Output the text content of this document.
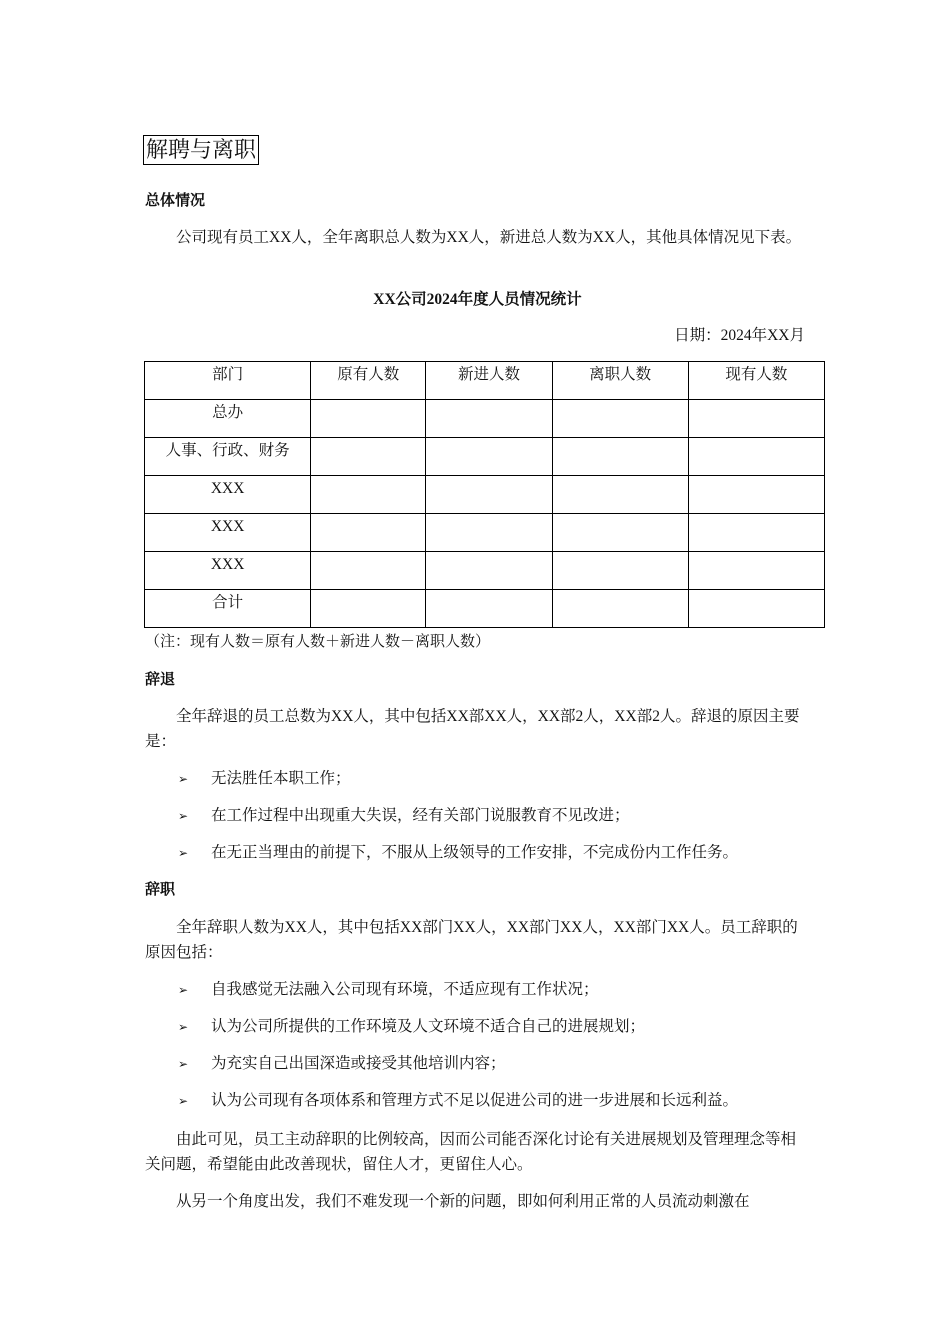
解聘与离职
总体情况
公司现有员工XX人，全年离职总人数为XX人，新进总人数为XX人，其他具体情况见下表。
XX公司2024年度人员情况统计
日期：2024年XX月
部门	原有人数	新进人数	离职人数	现有人数
总办				
人事、行政、财务				
XXX				
XXX				
XXX				
合计				
（注：现有人数＝原有人数＋新进人数－离职人数）
辞退
全年辞退的员工总数为XX人，其中包括XX部XX人，XX部2人，XX部2人。辞退的原因主要是：
➢ 无法胜任本职工作；
➢ 在工作过程中出现重大失误，经有关部门说服教育不见改进；
➢ 在无正当理由的前提下，不服从上级领导的工作安排，不完成份内工作任务。
辞职
全年辞职人数为XX人，其中包括XX部门XX人，XX部门XX人，XX部门XX人。员工辞职的原因包括：
➢ 自我感觉无法融入公司现有环境，不适应现有工作状况；
➢ 认为公司所提供的工作环境及人文环境不适合自己的进展规划；
➢ 为充实自己出国深造或接受其他培训内容；
➢ 认为公司现有各项体系和管理方式不足以促进公司的进一步进展和长远利益。
由此可见，员工主动辞职的比例较高，因而公司能否深化讨论有关进展规划及管理理念等相关问题，希望能由此改善现状，留住人才，更留住人心。
从另一个角度出发，我们不难发现一个新的问题，即如何利用正常的人员流动刺激在
